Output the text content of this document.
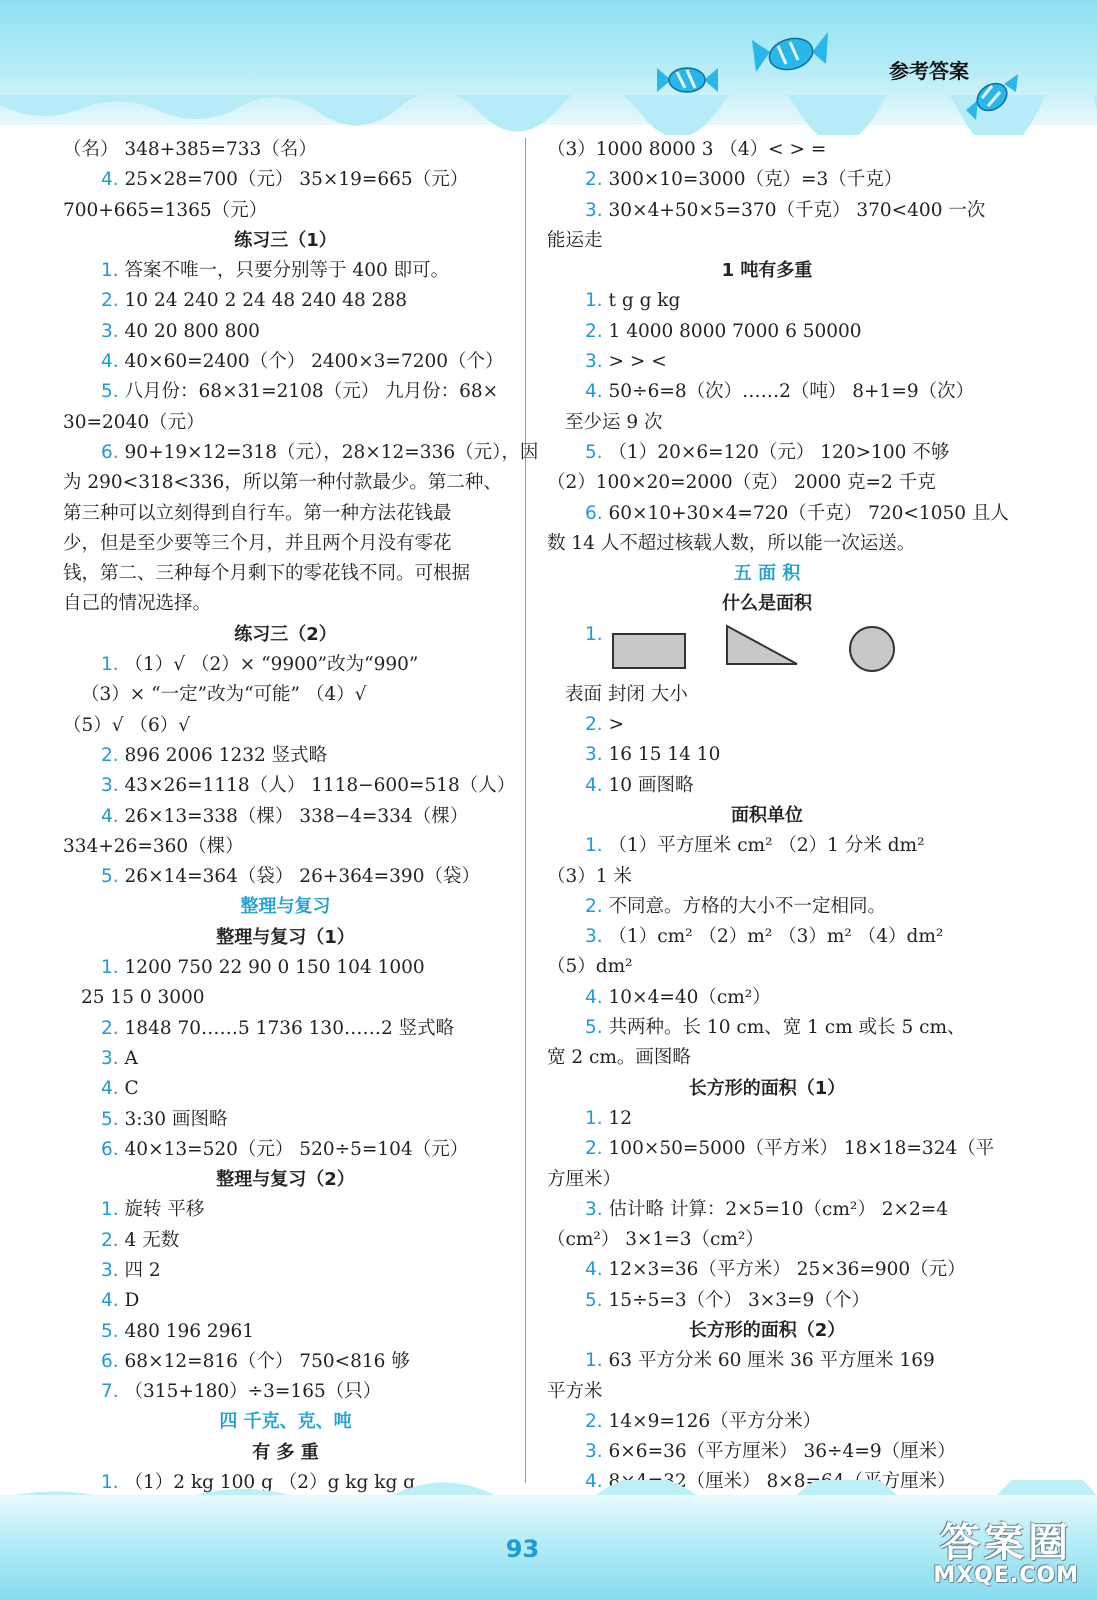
参考答案
（名） 348+385=733（名）
4. 25×28=700（元） 35×19=665（元）
700+665=1365（元）
练习三（1）
1. 答案不唯一，只要分别等于 400 即可。
2. 10 24 240 2 24 48 240 48 288
3. 40 20 800 800
4. 40×60=2400（个） 2400×3=7200（个）
5. 八月份：68×31=2108（元） 九月份：68×
30=2040（元）
6. 90+19×12=318（元），28×12=336（元），因
为 290<318<336，所以第一种付款最少。第二种、
第三种可以立刻得到自行车。第一种方法花钱最
少，但是至少要等三个月，并且两个月没有零花
钱，第二、三种每个月剩下的零花钱不同。可根据
自己的情况选择。
练习三（2）
1. （1）√ （2）× “9900”改为“990”
（3）× “一定”改为“可能” （4）√
（5）√ （6）√
2. 896 2006 1232 竖式略
3. 43×26=1118（人） 1118−600=518（人）
4. 26×13=338（棵） 338−4=334（棵）
334+26=360（棵）
5. 26×14=364（袋） 26+364=390（袋）
整理与复习
整理与复习（1）
1. 1200 750 22 90 0 150 104 1000
25 15 0 3000
2. 1848 70……5 1736 130……2 竖式略
3. A
4. C
5. 3:30 画图略
6. 40×13=520（元） 520÷5=104（元）
整理与复习（2）
1. 旋转 平移
2. 4 无数
3. 四 2
4. D
5. 480 196 2961
6. 68×12=816（个） 750<816 够
7. （315+180）÷3=165（只）
四 千克、克、吨
有 多 重
1. （1）2 kg 100 g （2）g kg kg g
（3）1000 8000 3 （4）< > =
2. 300×10=3000（克）=3（千克）
3. 30×4+50×5=370（千克） 370<400 一次
能运走
1 吨有多重
1. t g g kg
2. 1 4000 8000 7000 6 50000
3. > > <
4. 50÷6=8（次）……2（吨） 8+1=9（次）
至少运 9 次
5. （1）20×6=120（元） 120>100 不够
（2）100×20=2000（克） 2000 克=2 千克
6. 60×10+30×4=720（千克） 720<1050 且人
数 14 人不超过核载人数，所以能一次运送。
五 面 积
什么是面积
1.
表面 封闭 大小
2. >
3. 16 15 14 10
4. 10 画图略
面积单位
1. （1）平方厘米 cm² （2）1 分米 dm²
（3）1 米
2. 不同意。方格的大小不一定相同。
3. （1）cm² （2）m² （3）m² （4）dm²
（5）dm²
4. 10×4=40（cm²）
5. 共两种。长 10 cm、宽 1 cm 或长 5 cm、
宽 2 cm。画图略
长方形的面积（1）
1. 12
2. 100×50=5000（平方米） 18×18=324（平
方厘米）
3. 估计略 计算：2×5=10（cm²） 2×2=4
（cm²） 3×1=3（cm²）
4. 12×3=36（平方米） 25×36=900（元）
5. 15÷5=3（个） 3×3=9（个）
长方形的面积（2）
1. 63 平方分米 60 厘米 36 平方厘米 169
平方米
2. 14×9=126（平方分米）
3. 6×6=36（平方厘米） 36÷4=9（厘米）
4. 8×4=32（厘米） 8×8=64（平方厘米）
93	答案圈
MXQE.COM
